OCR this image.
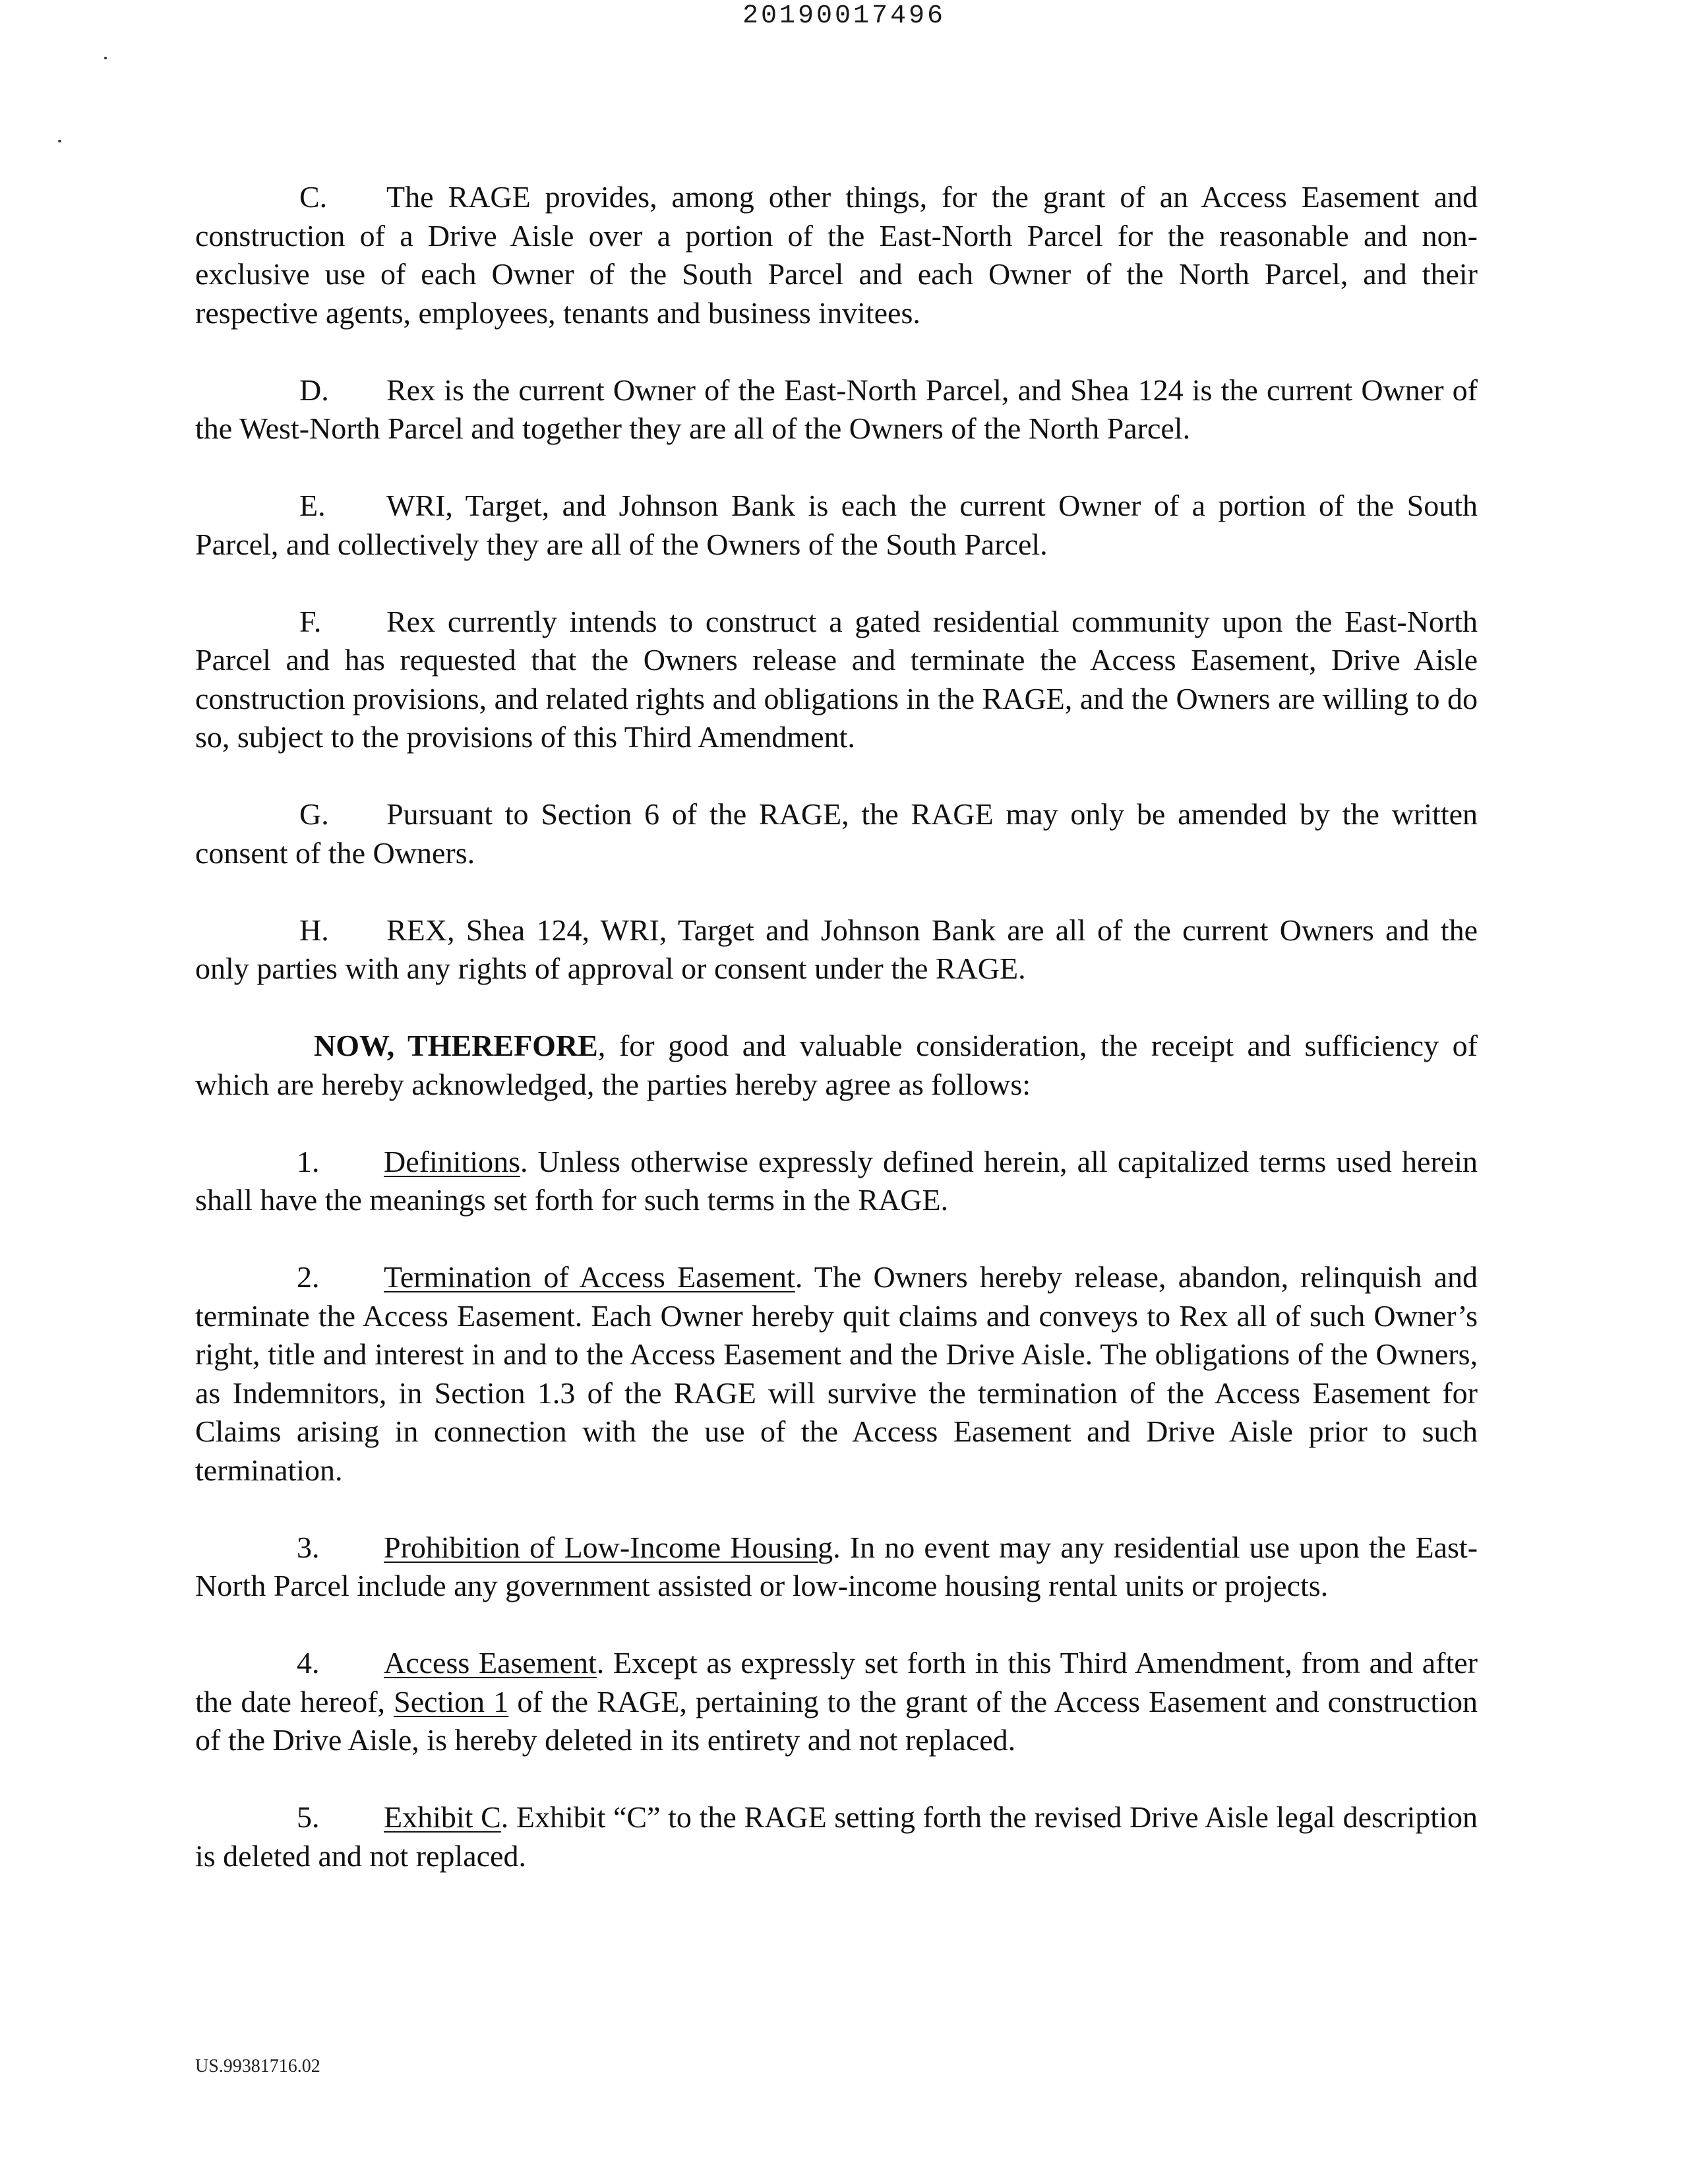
20190017496

C. The RAGE provides, among other things, for the grant of an Access Easement and construction of a Drive Aisle over a portion of the East-North Parcel for the reasonable and non-exclusive use of each Owner of the South Parcel and each Owner of the North Parcel, and their respective agents, employees, tenants and business invitees.

D. Rex is the current Owner of the East-North Parcel, and Shea 124 is the current Owner of the West-North Parcel and together they are all of the Owners of the North Parcel.

E. WRI, Target, and Johnson Bank is each the current Owner of a portion of the South Parcel, and collectively they are all of the Owners of the South Parcel.

F. Rex currently intends to construct a gated residential community upon the East-North Parcel and has requested that the Owners release and terminate the Access Easement, Drive Aisle construction provisions, and related rights and obligations in the RAGE, and the Owners are willing to do so, subject to the provisions of this Third Amendment.

G. Pursuant to Section 6 of the RAGE, the RAGE may only be amended by the written consent of the Owners.

H. REX, Shea 124, WRI, Target and Johnson Bank are all of the current Owners and the only parties with any rights of approval or consent under the RAGE.

NOW, THEREFORE, for good and valuable consideration, the receipt and sufficiency of which are hereby acknowledged, the parties hereby agree as follows:

1. Definitions. Unless otherwise expressly defined herein, all capitalized terms used herein shall have the meanings set forth for such terms in the RAGE.

2. Termination of Access Easement. The Owners hereby release, abandon, relinquish and terminate the Access Easement. Each Owner hereby quit claims and conveys to Rex all of such Owner’s right, title and interest in and to the Access Easement and the Drive Aisle. The obligations of the Owners, as Indemnitors, in Section 1.3 of the RAGE will survive the termination of the Access Easement for Claims arising in connection with the use of the Access Easement and Drive Aisle prior to such termination.

3. Prohibition of Low-Income Housing. In no event may any residential use upon the East-North Parcel include any government assisted or low-income housing rental units or projects.

4. Access Easement. Except as expressly set forth in this Third Amendment, from and after the date hereof, Section 1 of the RAGE, pertaining to the grant of the Access Easement and construction of the Drive Aisle, is hereby deleted in its entirety and not replaced.

5. Exhibit C. Exhibit “C” to the RAGE setting forth the revised Drive Aisle legal description is deleted and not replaced.

US.99381716.02
